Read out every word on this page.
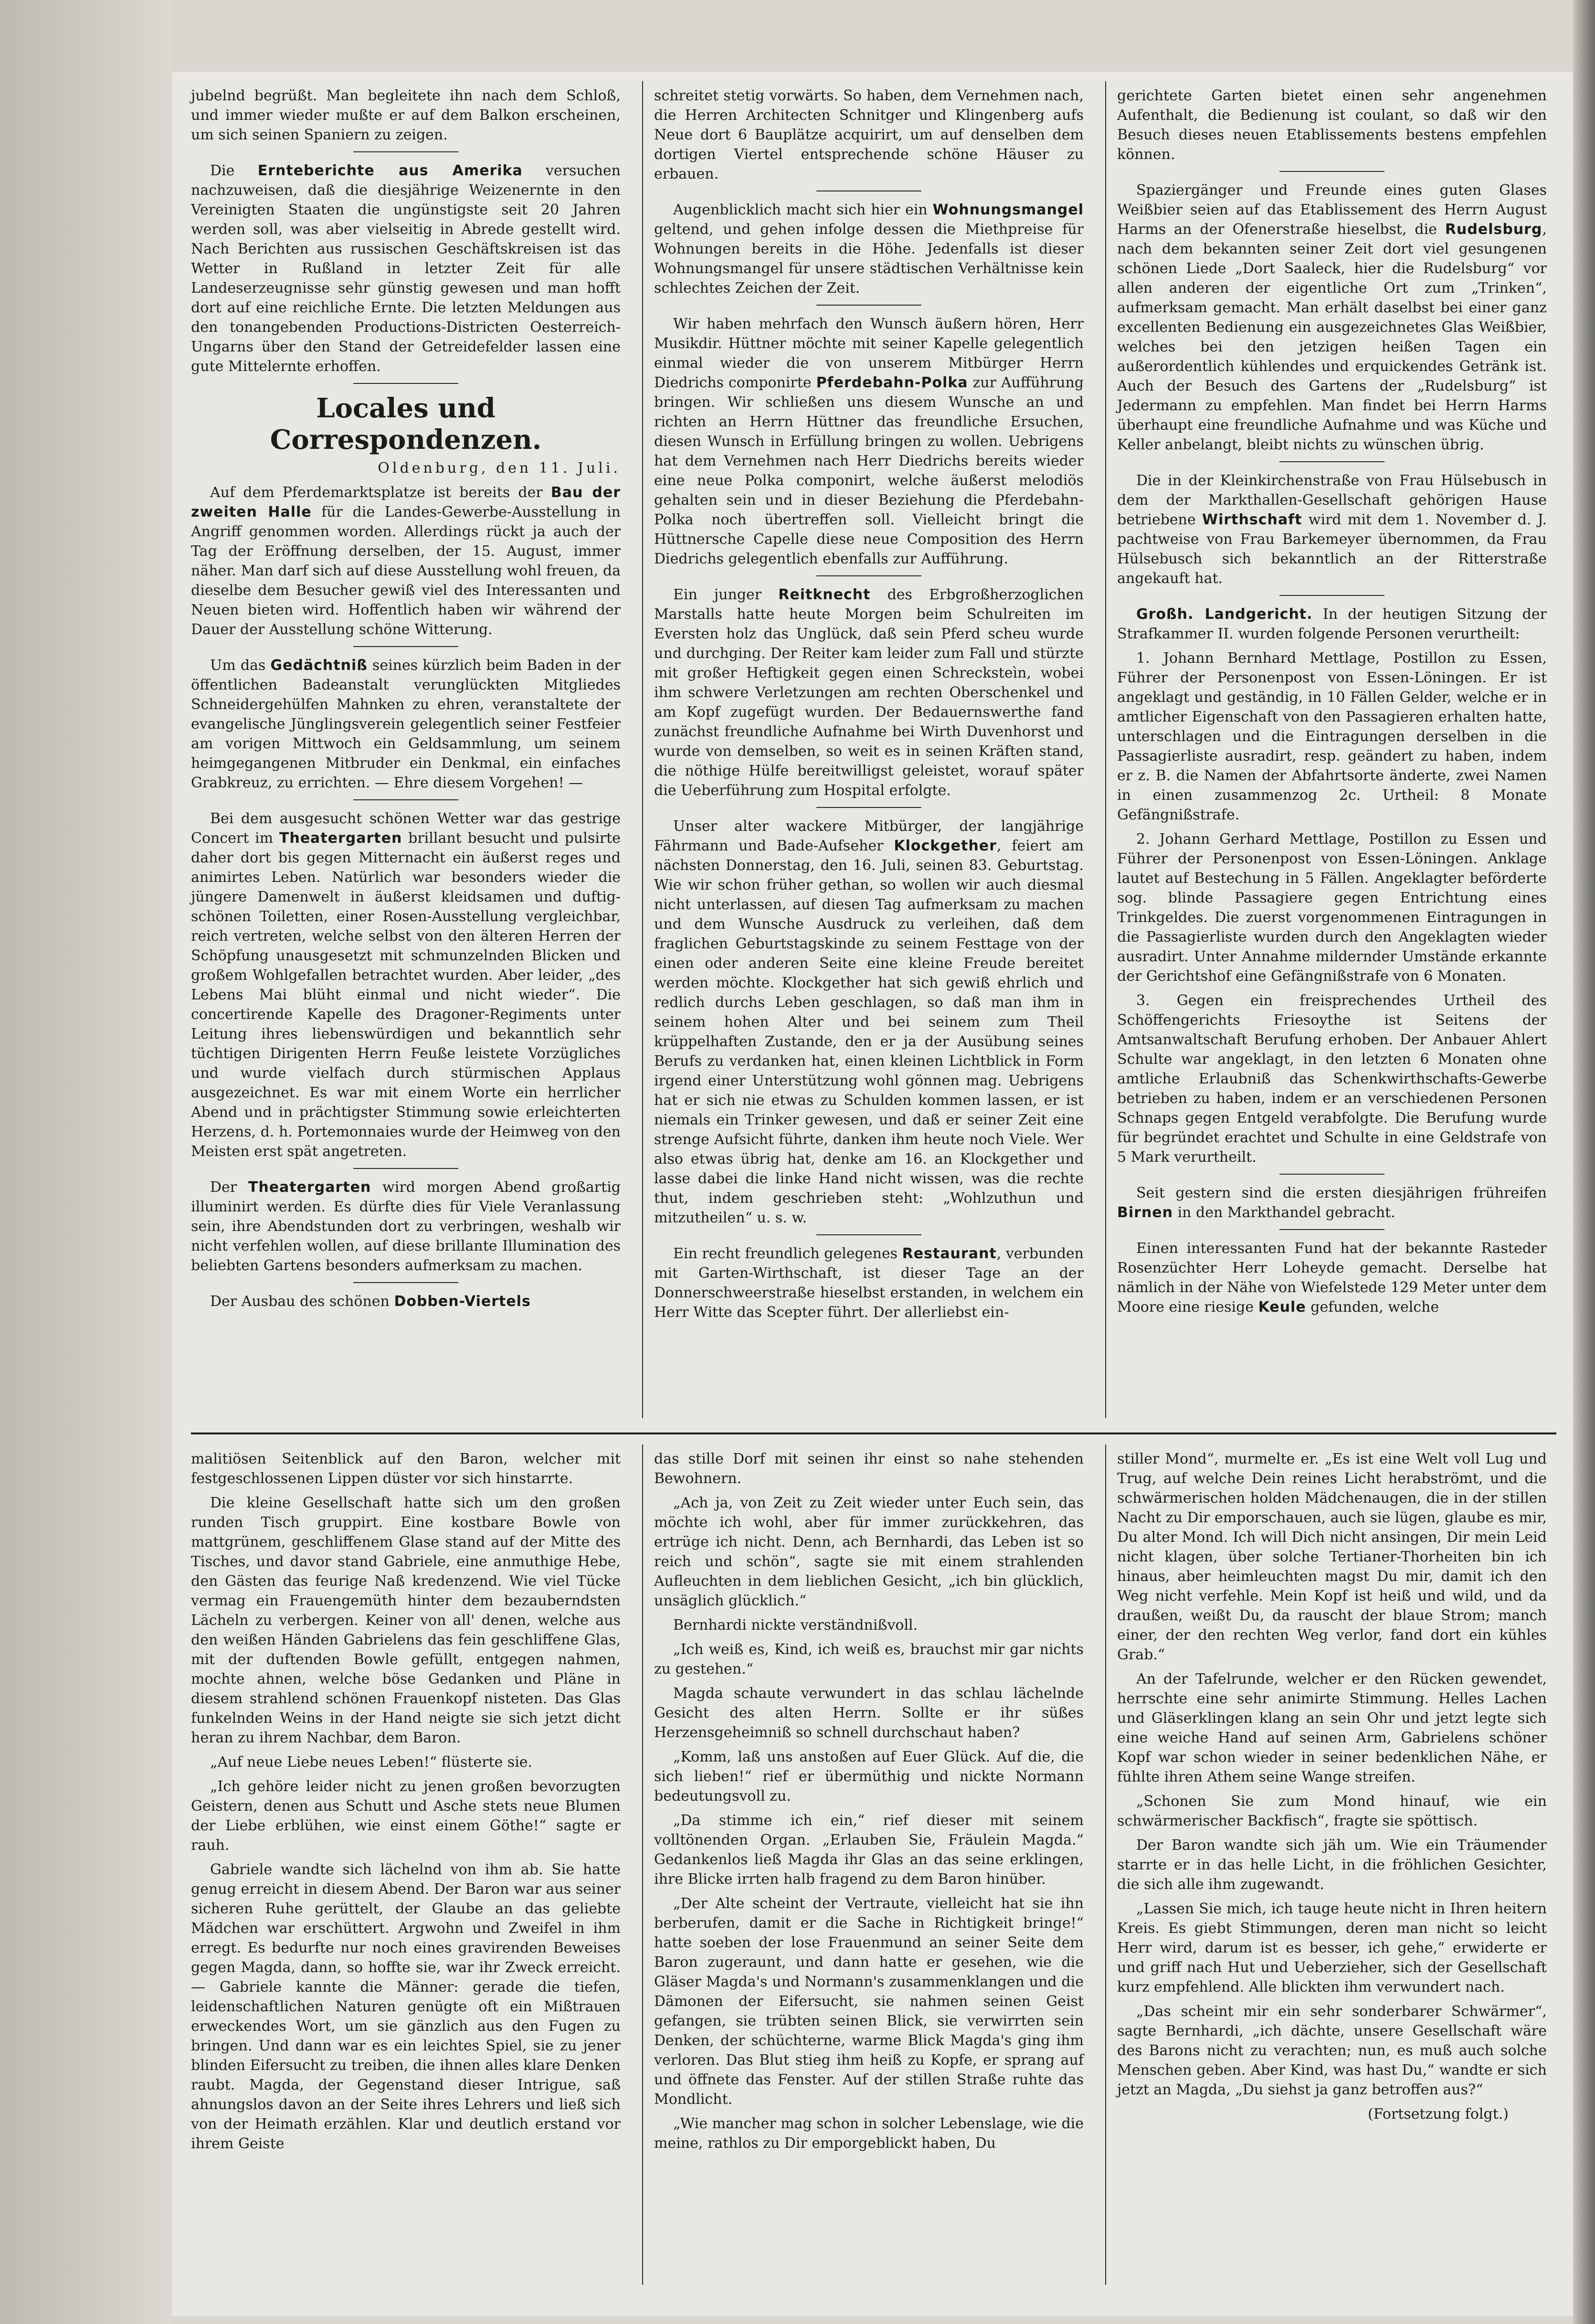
jubelnd begrüßt. Man begleitete ihn nach dem Schloß, und immer wieder mußte er auf dem Balkon erscheinen, um sich seinen Spaniern zu zeigen.

Die Ernteberichte aus Amerika versuchen nachzuweisen, daß die diesjährige Weizenernte in den Vereinigten Staaten die ungünstigste seit 20 Jahren werden soll, was aber vielseitig in Abrede gestellt wird. Nach Berichten aus russischen Geschäftskreisen ist das Wetter in Rußland in letzter Zeit für alle Landeserzeugnisse sehr günstig gewesen und man hofft dort auf eine reichliche Ernte. Die letzten Meldungen aus den tonangebenden Productions-Districten Oesterreich-Ungarns über den Stand der Getreidefelder lassen eine gute Mittelernte erhoffen.

Locales und Correspondenzen.
Oldenburg, den 11. Juli.

Auf dem Pferdemarktsplatze ist bereits der Bau der zweiten Halle für die Landes-Gewerbe-Ausstellung in Angriff genommen worden. Allerdings rückt ja auch der Tag der Eröffnung derselben, der 15. August, immer näher. Man darf sich auf diese Ausstellung wohl freuen, da dieselbe dem Besucher gewiß viel des Interessanten und Neuen bieten wird. Hoffentlich haben wir während der Dauer der Ausstellung schöne Witterung.

Um das Gedächtniß seines kürzlich beim Baden in der öffentlichen Badeanstalt verunglückten Mitgliedes Schneidergehülfen Mahnken zu ehren, veranstaltete der evangelische Jünglingsverein gelegentlich seiner Festfeier am vorigen Mittwoch ein Geldsammlung, um seinem heimgegangenen Mitbruder ein Denkmal, ein einfaches Grabkreuz, zu errichten. — Ehre diesem Vorgehen! —

Bei dem ausgesucht schönen Wetter war das gestrige Concert im Theatergarten brillant besucht und pulsirte daher dort bis gegen Mitternacht ein äußerst reges und animirtes Leben. Natürlich war besonders wieder die jüngere Damenwelt in äußerst kleidsamen und duftig-schönen Toiletten, einer Rosen-Ausstellung vergleichbar, reich vertreten, welche selbst von den älteren Herren der Schöpfung unausgesetzt mit schmunzelnden Blicken und großem Wohlgefallen betrachtet wurden. Aber leider, „des Lebens Mai blüht einmal und nicht wieder“. Die concertirende Kapelle des Dragoner-Regiments unter Leitung ihres liebenswürdigen und bekanntlich sehr tüchtigen Dirigenten Herrn Feuße leistete Vorzügliches und wurde vielfach durch stürmischen Applaus ausgezeichnet. Es war mit einem Worte ein herrlicher Abend und in prächtigster Stimmung sowie erleichterten Herzens, d. h. Portemonnaies wurde der Heimweg von den Meisten erst spät angetreten.

Der Theatergarten wird morgen Abend großartig illuminirt werden. Es dürfte dies für Viele Veranlassung sein, ihre Abendstunden dort zu verbringen, weshalb wir nicht verfehlen wollen, auf diese brillante Illumination des beliebten Gartens besonders aufmerksam zu machen.

Der Ausbau des schönen Dobben-Viertels

schreitet stetig vorwärts. So haben, dem Vernehmen nach, die Herren Architecten Schnitger und Klingenberg aufs Neue dort 6 Bauplätze acquirirt, um auf denselben dem dortigen Viertel entsprechende schöne Häuser zu erbauen.

Augenblicklich macht sich hier ein Wohnungsmangel geltend, und gehen infolge dessen die Miethpreise für Wohnungen bereits in die Höhe. Jedenfalls ist dieser Wohnungsmangel für unsere städtischen Verhältnisse kein schlechtes Zeichen der Zeit.

Wir haben mehrfach den Wunsch äußern hören, Herr Musikdir. Hüttner möchte mit seiner Kapelle gelegentlich einmal wieder die von unserem Mitbürger Herrn Diedrichs componirte Pferdebahn-Polka zur Aufführung bringen. Wir schließen uns diesem Wunsche an und richten an Herrn Hüttner das freundliche Ersuchen, diesen Wunsch in Erfüllung bringen zu wollen. Uebrigens hat dem Vernehmen nach Herr Diedrichs bereits wieder eine neue Polka componirt, welche äußerst melodiös gehalten sein und in dieser Beziehung die Pferdebahn-Polka noch übertreffen soll. Vielleicht bringt die Hüttnersche Capelle diese neue Composition des Herrn Diedrichs gelegentlich ebenfalls zur Aufführung.

Ein junger Reitknecht des Erbgroßherzoglichen Marstalls hatte heute Morgen beim Schulreiten im Eversten holz das Unglück, daß sein Pferd scheu wurde und durchging. Der Reiter kam leider zum Fall und stürzte mit großer Heftigkeit gegen einen Schrecksteìn, wobei ihm schwere Verletzungen am rechten Oberschenkel und am Kopf zugefügt wurden. Der Bedauernswerthe fand zunächst freundliche Aufnahme bei Wirth Duvenhorst und wurde von demselben, so weit es in seinen Kräften stand, die nöthige Hülfe bereitwilligst geleistet, worauf später die Ueberführung zum Hospital erfolgte.

Unser alter wackere Mitbürger, der langjährige Fährmann und Bade-Aufseher Klockgether, feiert am nächsten Donnerstag, den 16. Juli, seinen 83. Geburtstag. Wie wir schon früher gethan, so wollen wir auch diesmal nicht unterlassen, auf diesen Tag aufmerksam zu machen und dem Wunsche Ausdruck zu verleihen, daß dem fraglichen Geburtstagskinde zu seinem Festtage von der einen oder anderen Seite eine kleine Freude bereitet werden möchte. Klockgether hat sich gewiß ehrlich und redlich durchs Leben geschlagen, so daß man ihm in seinem hohen Alter und bei seinem zum Theil krüppelhaften Zustande, den er ja der Ausübung seines Berufs zu verdanken hat, einen kleinen Lichtblick in Form irgend einer Unterstützung wohl gönnen mag. Uebrigens hat er sich nie etwas zu Schulden kommen lassen, er ist niemals ein Trinker gewesen, und daß er seiner Zeit eine strenge Aufsicht führte, danken ihm heute noch Viele. Wer also etwas übrig hat, denke am 16. an Klockgether und lasse dabei die linke Hand nicht wissen, was die rechte thut, indem geschrieben steht: „Wohlzuthun und mitzutheilen“ u. s. w.

Ein recht freundlich gelegenes Restaurant, verbunden mit Garten-Wirthschaft, ist dieser Tage an der Donnerschweerstraße hieselbst erstanden, in welchem ein Herr Witte das Scepter führt. Der allerliebst ein-

gerichtete Garten bietet einen sehr angenehmen Aufenthalt, die Bedienung ist coulant, so daß wir den Besuch dieses neuen Etablissements bestens empfehlen können.

Spaziergänger und Freunde eines guten Glases Weißbier seien auf das Etablissement des Herrn August Harms an der Ofenerstraße hieselbst, die Rudelsburg, nach dem bekannten seiner Zeit dort viel gesungenen schönen Liede „Dort Saaleck, hier die Rudelsburg“ vor allen anderen der eigentliche Ort zum „Trinken“, aufmerksam gemacht. Man erhält daselbst bei einer ganz excellenten Bedienung ein ausgezeichnetes Glas Weißbier, welches bei den jetzigen heißen Tagen ein außerordentlich kühlendes und erquickendes Getränk ist. Auch der Besuch des Gartens der „Rudelsburg“ ist Jedermann zu empfehlen. Man findet bei Herrn Harms überhaupt eine freundliche Aufnahme und was Küche und Keller anbelangt, bleibt nichts zu wünschen übrig.

Die in der Kleinkirchenstraße von Frau Hülsebusch in dem der Markthallen-Gesellschaft gehörigen Hause betriebene Wirthschaft wird mit dem 1. November d. J. pachtweise von Frau Barkemeyer übernommen, da Frau Hülsebusch sich bekanntlich an der Ritterstraße angekauft hat.

Großh. Landgericht. In der heutigen Sitzung der Strafkammer II. wurden folgende Personen verurtheilt:

1. Johann Bernhard Mettlage, Postillon zu Essen, Führer der Personenpost von Essen-Löningen. Er ist angeklagt und geständig, in 10 Fällen Gelder, welche er in amtlicher Eigenschaft von den Passagieren erhalten hatte, unterschlagen und die Eintragungen derselben in die Passagierliste ausradirt, resp. geändert zu haben, indem er z. B. die Namen der Abfahrtsorte änderte, zwei Namen in einen zusammenzog 2c. Urtheil: 8 Monate Gefängnißstrafe.

2. Johann Gerhard Mettlage, Postillon zu Essen und Führer der Personenpost von Essen-Löningen. Anklage lautet auf Bestechung in 5 Fällen. Angeklagter beförderte sog. blinde Passagiere gegen Entrichtung eines Trinkgeldes. Die zuerst vorgenommenen Eintragungen in die Passagierliste wurden durch den Angeklagten wieder ausradirt. Unter Annahme mildernder Umstände erkannte der Gerichtshof eine Gefängnißstrafe von 6 Monaten.

3. Gegen ein freisprechendes Urtheil des Schöffengerichts Friesoythe ist Seitens der Amtsanwaltschaft Berufung erhoben. Der Anbauer Ahlert Schulte war angeklagt, in den letzten 6 Monaten ohne amtliche Erlaubniß das Schenkwirthschafts-Gewerbe betrieben zu haben, indem er an verschiedenen Personen Schnaps gegen Entgeld verabfolgte. Die Berufung wurde für begründet erachtet und Schulte in eine Geldstrafe von 5 Mark verurtheilt.

Seit gestern sind die ersten diesjährigen frühreifen Birnen in den Markthandel gebracht.

Einen interessanten Fund hat der bekannte Rasteder Rosenzüchter Herr Loheyde gemacht. Derselbe hat nämlich in der Nähe von Wiefelstede 129 Meter unter dem Moore eine riesige Keule gefunden, welche

malitiösen Seitenblick auf den Baron, welcher mit festgeschlossenen Lippen düster vor sich hinstarrte.

Die kleine Gesellschaft hatte sich um den großen runden Tisch gruppirt. Eine kostbare Bowle von mattgrünem, geschliffenem Glase stand auf der Mitte des Tisches, und davor stand Gabriele, eine anmuthige Hebe, den Gästen das feurige Naß kredenzend. Wie viel Tücke vermag ein Frauengemüth hinter dem bezauberndsten Lächeln zu verbergen. Keiner von all' denen, welche aus den weißen Händen Gabrielens das fein geschliffene Glas, mit der duftenden Bowle gefüllt, entgegen nahmen, mochte ahnen, welche böse Gedanken und Pläne in diesem strahlend schönen Frauenkopf nisteten. Das Glas funkelnden Weins in der Hand neigte sie sich jetzt dicht heran zu ihrem Nachbar, dem Baron.

„Auf neue Liebe neues Leben!“ flüsterte sie.

„Ich gehöre leider nicht zu jenen großen bevorzugten Geistern, denen aus Schutt und Asche stets neue Blumen der Liebe erblühen, wie einst einem Göthe!“ sagte er rauh.

Gabriele wandte sich lächelnd von ihm ab. Sie hatte genug erreicht in diesem Abend. Der Baron war aus seiner sicheren Ruhe gerüttelt, der Glaube an das geliebte Mädchen war erschüttert. Argwohn und Zweifel in ihm erregt. Es bedurfte nur noch eines gravirenden Beweises gegen Magda, dann, so hoffte sie, war ihr Zweck erreicht. — Gabriele kannte die Männer: gerade die tiefen, leidenschaftlichen Naturen genügte oft ein Mißtrauen erweckendes Wort, um sie gänzlich aus den Fugen zu bringen. Und dann war es ein leichtes Spiel, sie zu jener blinden Eifersucht zu treiben, die ihnen alles klare Denken raubt. Magda, der Gegenstand dieser Intrigue, saß ahnungslos davon an der Seite ihres Lehrers und ließ sich von der Heimath erzählen. Klar und deutlich erstand vor ihrem Geiste

das stille Dorf mit seinen ihr einst so nahe stehenden Bewohnern.

„Ach ja, von Zeit zu Zeit wieder unter Euch sein, das möchte ich wohl, aber für immer zurückkehren, das ertrüge ich nicht. Denn, ach Bernhardi, das Leben ist so reich und schön“, sagte sie mit einem strahlenden Aufleuchten in dem lieblichen Gesicht, „ich bin glücklich, unsäglich glücklich.“

Bernhardi nickte verständnißvoll.

„Ich weiß es, Kind, ich weiß es, brauchst mir gar nichts zu gestehen.“

Magda schaute verwundert in das schlau lächelnde Gesicht des alten Herrn. Sollte er ihr süßes Herzensgeheimniß so schnell durchschaut haben?

„Komm, laß uns anstoßen auf Euer Glück. Auf die, die sich lieben!“ rief er übermüthig und nickte Normann bedeutungsvoll zu.

„Da stimme ich ein,“ rief dieser mit seinem volltönenden Organ. „Erlauben Sie, Fräulein Magda.“ Gedankenlos ließ Magda ihr Glas an das seine erklingen, ihre Blicke irrten halb fragend zu dem Baron hinüber.

„Der Alte scheint der Vertraute, vielleicht hat sie ihn berberufen, damit er die Sache in Richtigkeit bringe!“ hatte soeben der lose Frauenmund an seiner Seite dem Baron zugeraunt, und dann hatte er gesehen, wie die Gläser Magda's und Normann's zusammenklangen und die Dämonen der Eifersucht, sie nahmen seinen Geist gefangen, sie trübten seinen Blick, sie verwirrten sein Denken, der schüchterne, warme Blick Magda's ging ihm verloren. Das Blut stieg ihm heiß zu Kopfe, er sprang auf und öffnete das Fenster. Auf der stillen Straße ruhte das Mondlicht.

„Wie mancher mag schon in solcher Lebenslage, wie die meine, rathlos zu Dir emporgeblickt haben, Du

stiller Mond“, murmelte er. „Es ist eine Welt voll Lug und Trug, auf welche Dein reines Licht herabströmt, und die schwärmerischen holden Mädchenaugen, die in der stillen Nacht zu Dir emporschauen, auch sie lügen, glaube es mir, Du alter Mond. Ich will Dich nicht ansingen, Dir mein Leid nicht klagen, über solche Tertianer-Thorheiten bin ich hinaus, aber heimleuchten magst Du mir, damit ich den Weg nicht verfehle. Mein Kopf ist heiß und wild, und da draußen, weißt Du, da rauscht der blaue Strom; manch einer, der den rechten Weg verlor, fand dort ein kühles Grab.“

An der Tafelrunde, welcher er den Rücken gewendet, herrschte eine sehr animirte Stimmung. Helles Lachen und Gläserklingen klang an sein Ohr und jetzt legte sich eine weiche Hand auf seinen Arm, Gabrielens schöner Kopf war schon wieder in seiner bedenklichen Nähe, er fühlte ihren Athem seine Wange streifen.

„Schonen Sie zum Mond hinauf, wie ein schwärmerischer Backfisch“, fragte sie spöttisch.

Der Baron wandte sich jäh um. Wie ein Träumender starrte er in das helle Licht, in die fröhlichen Gesichter, die sich alle ihm zugewandt.

„Lassen Sie mich, ich tauge heute nicht in Ihren heitern Kreis. Es giebt Stimmungen, deren man nicht so leicht Herr wird, darum ist es besser, ich gehe,“ erwiderte er und griff nach Hut und Ueberzieher, sich der Gesellschaft kurz empfehlend. Alle blickten ihm verwundert nach.

„Das scheint mir ein sehr sonderbarer Schwärmer“, sagte Bernhardi, „ich dächte, unsere Gesellschaft wäre des Barons nicht zu verachten; nun, es muß auch solche Menschen geben. Aber Kind, was hast Du,“ wandte er sich jetzt an Magda, „Du siehst ja ganz betroffen aus?“

(Fortsetzung folgt.)
